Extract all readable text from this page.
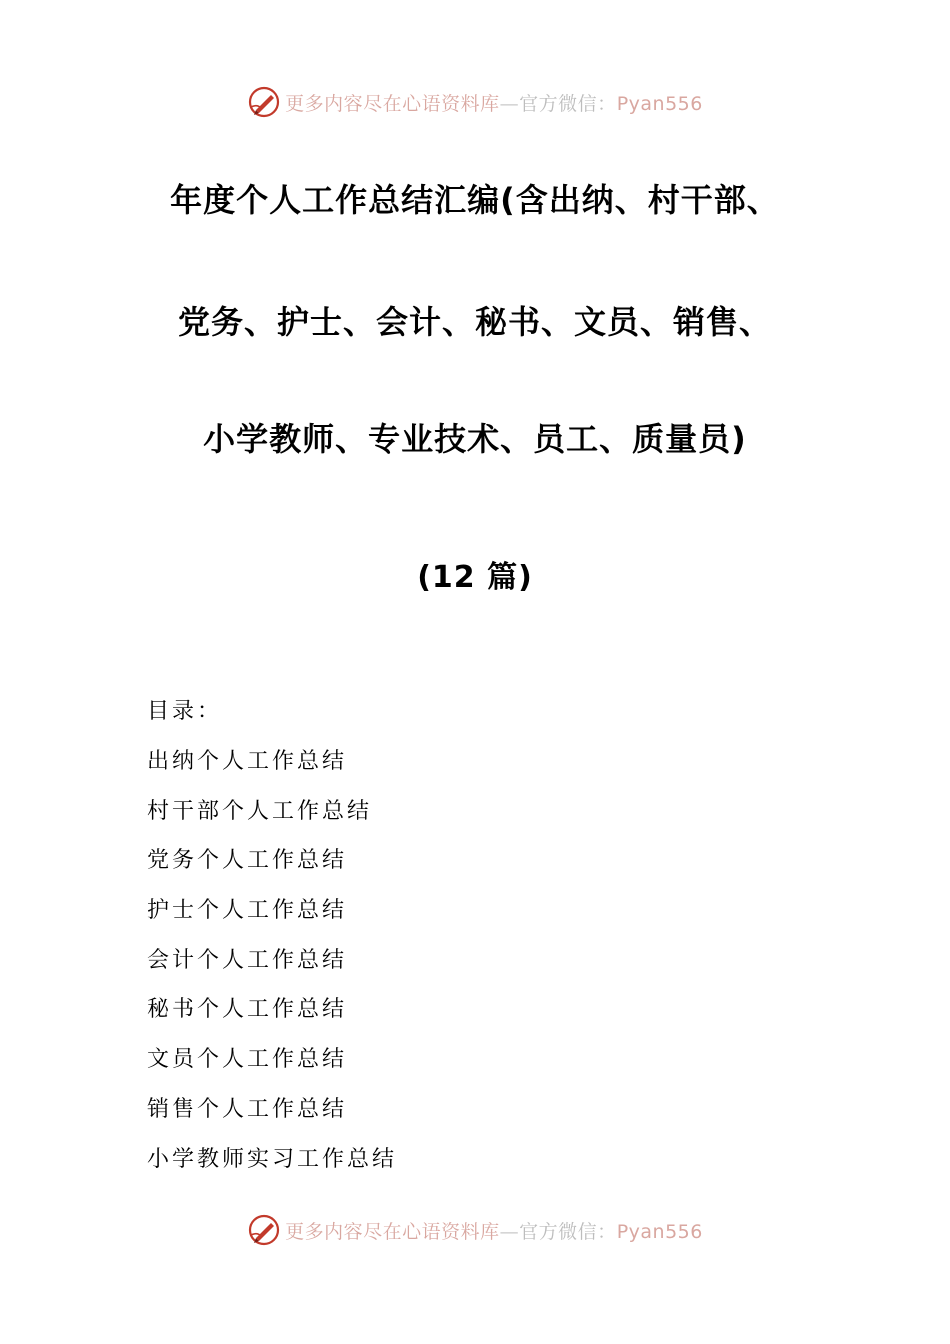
更多内容尽在心语资料库—官方微信：Pyan556
年度个人工作总结汇编(含出纳、村干部、
党务、护士、会计、秘书、文员、销售、
小学教师、专业技术、员工、质量员)
(12 篇)
目录：
出纳个人工作总结
村干部个人工作总结
党务个人工作总结
护士个人工作总结
会计个人工作总结
秘书个人工作总结
文员个人工作总结
销售个人工作总结
小学教师实习工作总结
更多内容尽在心语资料库—官方微信：Pyan556
